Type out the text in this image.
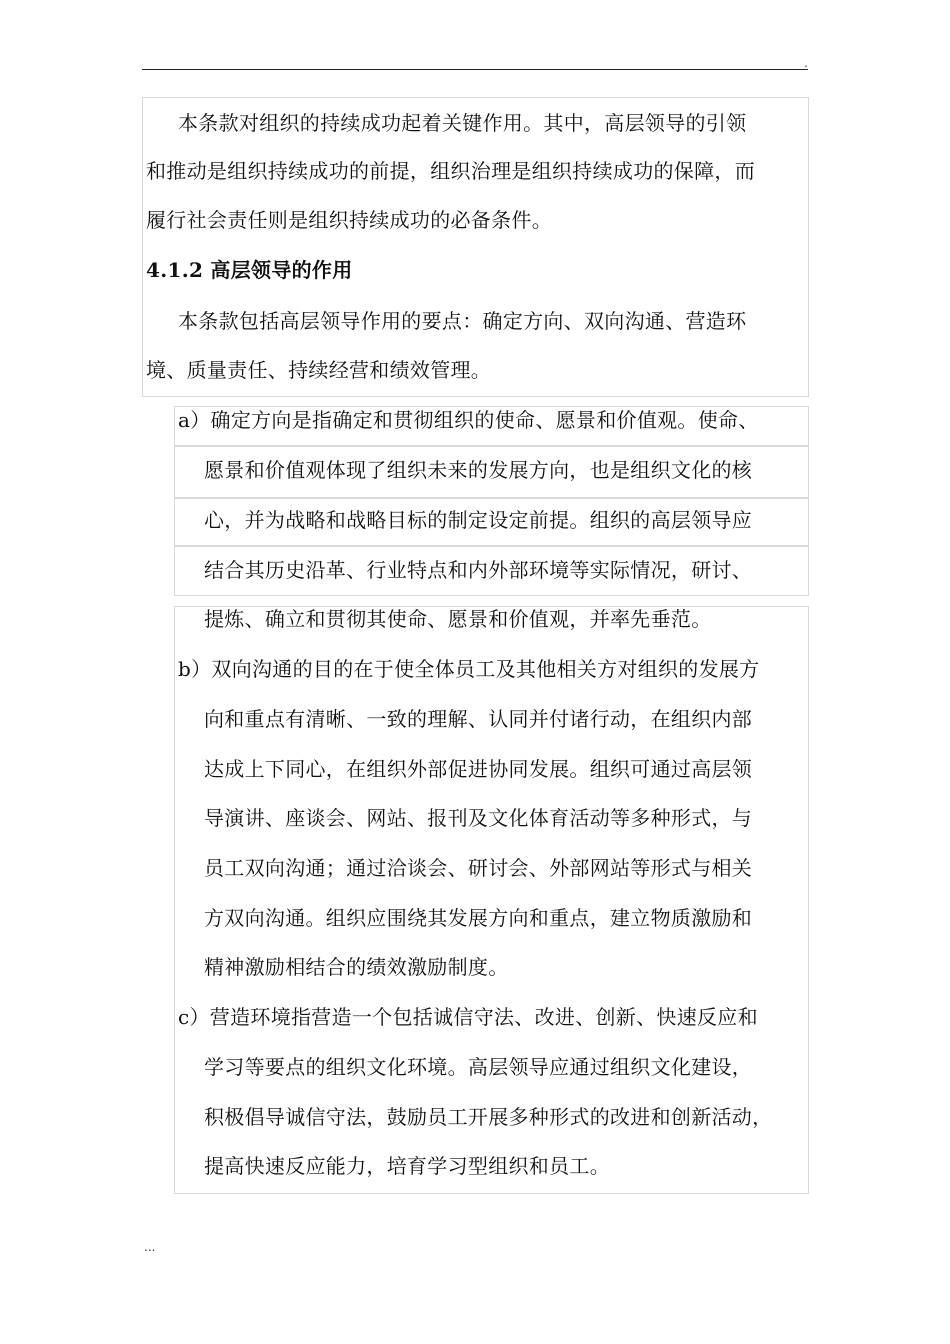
.
本条款对组织的持续成功起着关键作用。其中，高层领导的引领
和推动是组织持续成功的前提，组织治理是组织持续成功的保障，而
履行社会责任则是组织持续成功的必备条件。
4.1.2 高层领导的作用
本条款包括高层领导作用的要点：确定方向、双向沟通、营造环
境、质量责任、持续经营和绩效管理。
a）确定方向是指确定和贯彻组织的使命、愿景和价值观。使命、
愿景和价值观体现了组织未来的发展方向，也是组织文化的核
心，并为战略和战略目标的制定设定前提。组织的高层领导应
结合其历史沿革、行业特点和内外部环境等实际情况，研讨、
提炼、确立和贯彻其使命、愿景和价值观，并率先垂范。
b）双向沟通的目的在于使全体员工及其他相关方对组织的发展方
向和重点有清晰、一致的理解、认同并付诸行动，在组织内部
达成上下同心，在组织外部促进协同发展。组织可通过高层领
导演讲、座谈会、网站、报刊及文化体育活动等多种形式，与
员工双向沟通；通过洽谈会、研讨会、外部网站等形式与相关
方双向沟通。组织应围绕其发展方向和重点，建立物质激励和
精神激励相结合的绩效激励制度。
c）营造环境指营造一个包括诚信守法、改进、创新、快速反应和
学习等要点的组织文化环境。高层领导应通过组织文化建设，
积极倡导诚信守法，鼓励员工开展多种形式的改进和创新活动，
提高快速反应能力，培育学习型组织和员工。
...
